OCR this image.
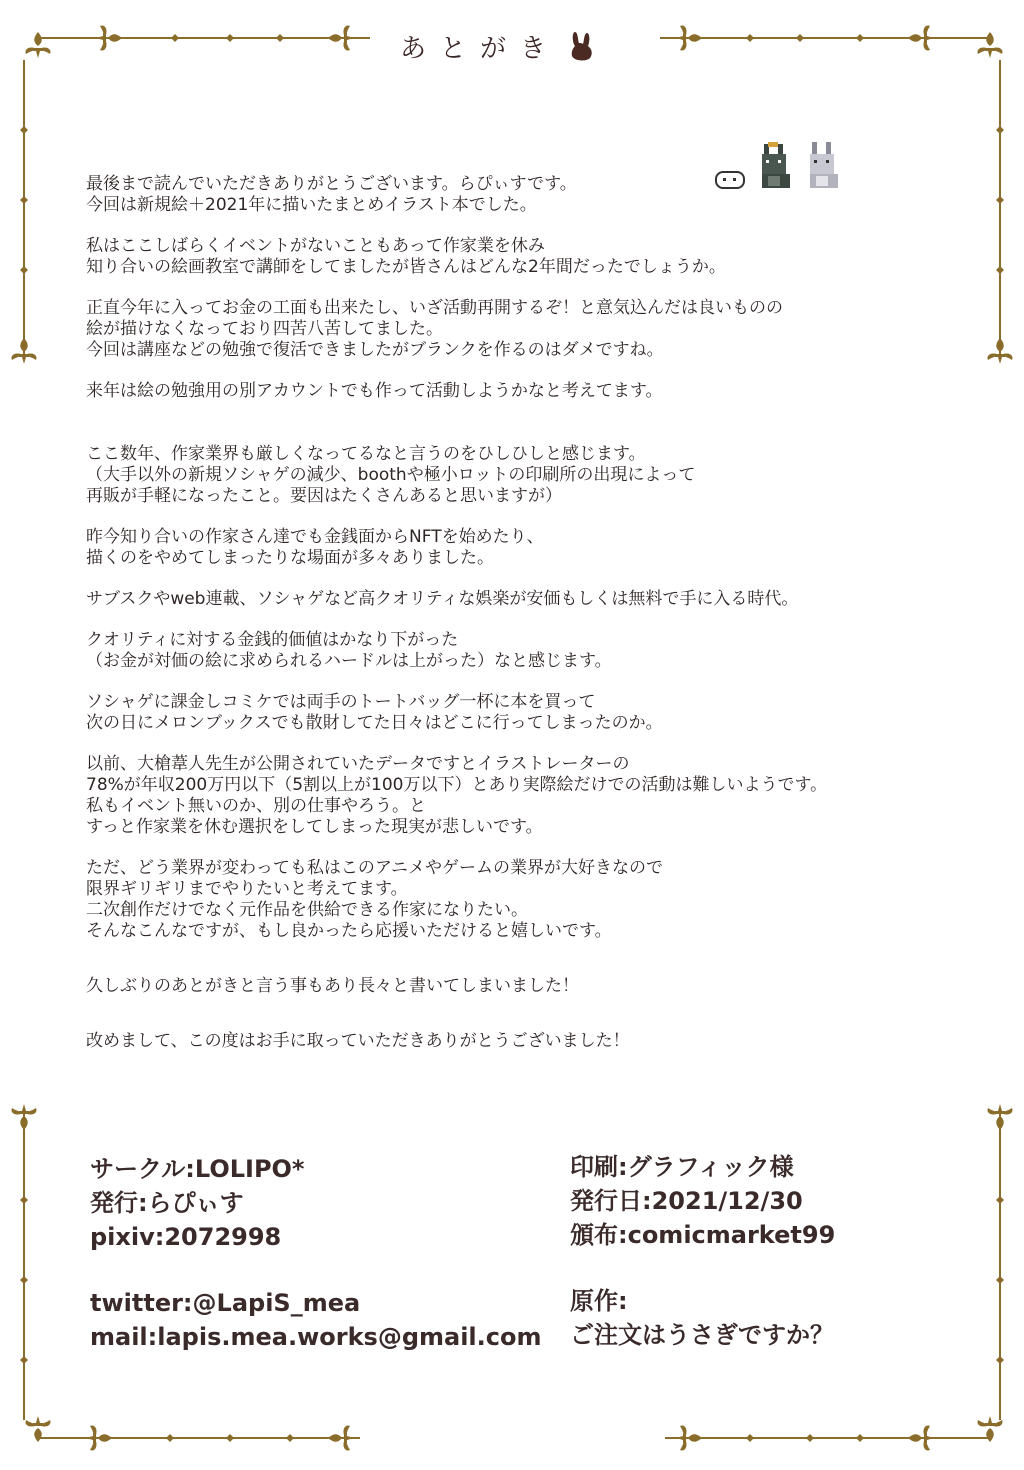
あとがき
最後まで読んでいただきありがとうございます。らぴぃすです。
今回は新規絵＋2021年に描いたまとめイラスト本でした。
私はここしばらくイベントがないこともあって作家業を休み
知り合いの絵画教室で講師をしてましたが皆さんはどんな2年間だったでしょうか。
正直今年に入ってお金の工面も出来たし、いざ活動再開するぞ！と意気込んだは良いものの
絵が描けなくなっており四苦八苦してました。
今回は講座などの勉強で復活できましたがブランクを作るのはダメですね。
来年は絵の勉強用の別アカウントでも作って活動しようかなと考えてます。
ここ数年、作家業界も厳しくなってるなと言うのをひしひしと感じます。
（大手以外の新規ソシャゲの減少、boothや極小ロットの印刷所の出現によって
再販が手軽になったこと。要因はたくさんあると思いますが）
昨今知り合いの作家さん達でも金銭面からNFTを始めたり、
描くのをやめてしまったりな場面が多々ありました。
サブスクやweb連載、ソシャゲなど高クオリティな娯楽が安価もしくは無料で手に入る時代。
クオリティに対する金銭的価値はかなり下がった
（お金が対価の絵に求められるハードルは上がった）なと感じます。
ソシャゲに課金しコミケでは両手のトートバッグ一杯に本を買って
次の日にメロンブックスでも散財してた日々はどこに行ってしまったのか。
以前、大槍葦人先生が公開されていたデータですとイラストレーターの
78%が年収200万円以下（5割以上が100万以下）とあり実際絵だけでの活動は難しいようです。
私もイベント無いのか、別の仕事やろう。と
すっと作家業を休む選択をしてしまった現実が悲しいです。
ただ、どう業界が変わっても私はこのアニメやゲームの業界が大好きなので
限界ギリギリまでやりたいと考えてます。
二次創作だけでなく元作品を供給できる作家になりたい。
そんなこんなですが、もし良かったら応援いただけると嬉しいです。
久しぶりのあとがきと言う事もあり長々と書いてしまいました！
改めまして、この度はお手に取っていただきありがとうございました！
サークル:LOLIPO*
発行:らぴぃす
pixiv:2072998
twitter:@LapiS_mea
mail:lapis.mea.works@gmail.com
印刷:グラフィック様
発行日:2021/12/30
頒布:comicmarket99
原作:
ご注文はうさぎですか？
